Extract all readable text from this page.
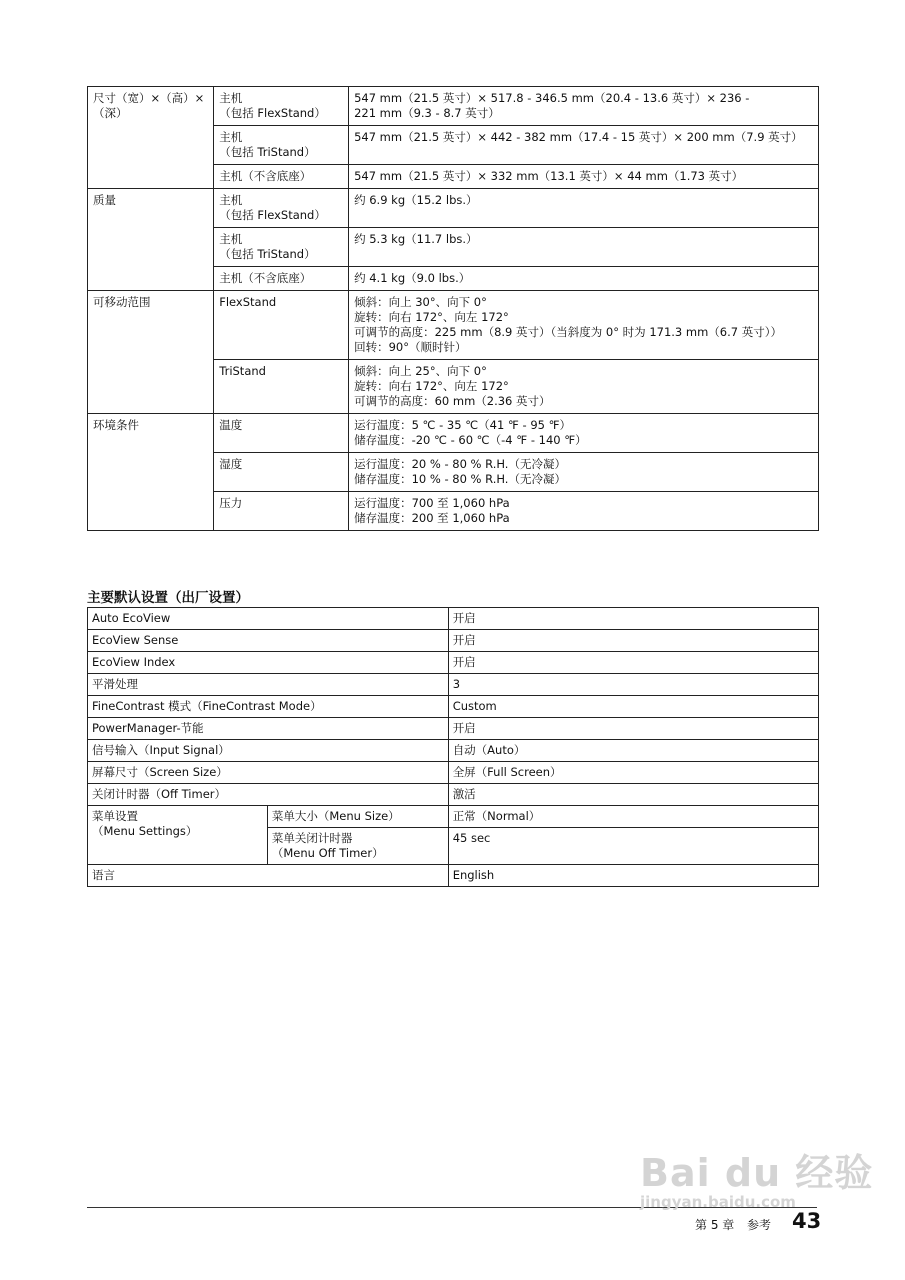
尺寸（宽）×（高）×（深）	主机
（包括 FlexStand）	547 mm（21.5 英寸）× 517.8 - 346.5 mm（20.4 - 13.6 英寸）× 236 -
221 mm（9.3 - 8.7 英寸）

	主机
（包括 TriStand）	547 mm（21.5 英寸）× 442 - 382 mm（17.4 - 15 英寸）× 200 mm（7.9 英寸）

	主机（不含底座）	547 mm（21.5 英寸）× 332 mm（13.1 英寸）× 44 mm（1.73 英寸）

质量	主机
（包括 FlexStand）	约 6.9 kg（15.2 lbs.）

	主机
（包括 TriStand）	约 5.3 kg（11.7 lbs.）

	主机（不含底座）	约 4.1 kg（9.0 lbs.）

可移动范围	FlexStand	倾斜：向上 30°、向下 0°
旋转：向右 172°、向左 172°
可调节的高度：225 mm（8.9 英寸）（当斜度为 0° 时为 171.3 mm（6.7 英寸））
回转：90°（顺时针）

	TriStand	倾斜：向上 25°、向下 0°
旋转：向右 172°、向左 172°
可调节的高度：60 mm（2.36 英寸）

环境条件	温度	运行温度：5 ℃ - 35 ℃（41 ℉ - 95 ℉）
储存温度：-20 ℃ - 60 ℃（-4 ℉ - 140 ℉）

	湿度	运行温度：20 % - 80 % R.H.（无冷凝）
储存温度：10 % - 80 % R.H.（无冷凝）

	压力	运行温度：700 至 1,060 hPa
储存温度：200 至 1,060 hPa
主要默认设置（出厂设置）
Auto EcoView		开启
EcoView Sense		开启
EcoView Index		开启
平滑处理		3
FineContrast 模式（FineContrast Mode）		Custom
PowerManager-节能		开启
信号输入（Input Signal）		自动（Auto）
屏幕尺寸（Screen Size）		全屏（Full Screen）
关闭计时器（Off Timer）		激活

菜单设置
（Menu Settings）	菜单大小（Menu Size）	正常（Normal）

	菜单关闭计时器
（Menu Off Timer）	45 sec
语言		English
Bai du 经验
jingyan.baidu.com
第 5 章 参考 43
